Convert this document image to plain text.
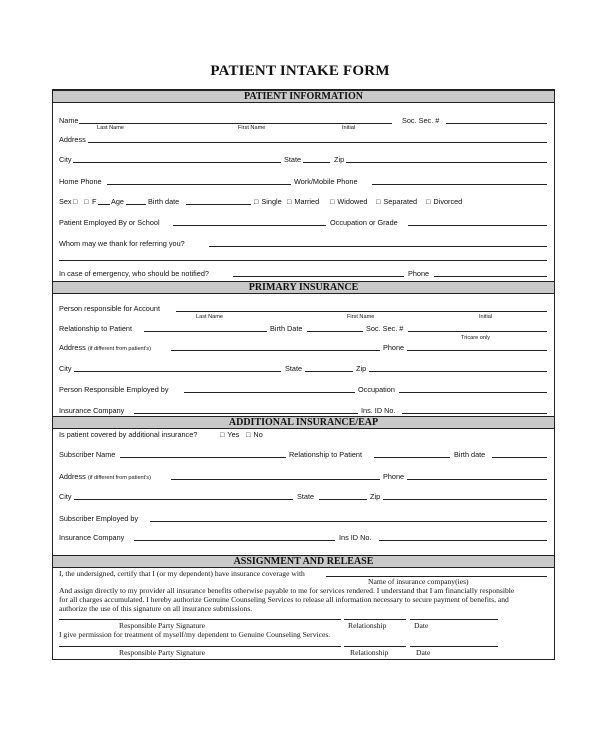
PATIENT INTAKE FORM
PATIENT INFORMATION
Name	Soc. Sec. #
Last Name	First Name	Initial
Address
City	State	Zip
Home Phone	Work/Mobile Phone
Sex □ □ F Age	Birth date	□ Single □ Married □ Widowed □ Separated □ Divorced
Patient Employed By or School	Occupation or Grade
Whom may we thank for referring you?
In case of emergency, who should be notified?	Phone
PRIMARY INSURANCE
Person responsible for Account
Last Name	First Name	Initial
Relationship to Patient	Birth Date	Soc. Sec. #
Tricare only
Address (if different from patient's)	Phone
City	State	Zip
Person Responsible Employed by	Occupation
Insurance Company	Ins. ID No.
ADDITIONAL INSURANCE/EAP
Is patient covered by additional insurance?	□ Yes □ No
Subscriber Name	Relationship to Patient	Birth date
Address (if different from patient's)	Phone
City	State	Zip
Subscriber Employed by
Insurance Company	Ins ID No.
ASSIGNMENT AND RELEASE
I, the undersigned, certify that I (or my dependent) have insurance coverage with
Name of insurance company(ies)
And assign directly to my provider all insurance benefits otherwise payable to me for services rendered. I understand that I am financially responsible
for all charges accumulated. I hereby authorize Genuine Counseling Services to release all information necessary to secure payment of benefits, and
authorize the use of this signature on all insurance submissions.
Responsible Party Signature	Relationship	Date
I give permission for treatment of myself/my dependent to Genuine Counseling Services.
Responsible Party Signature	Relationship	Date
